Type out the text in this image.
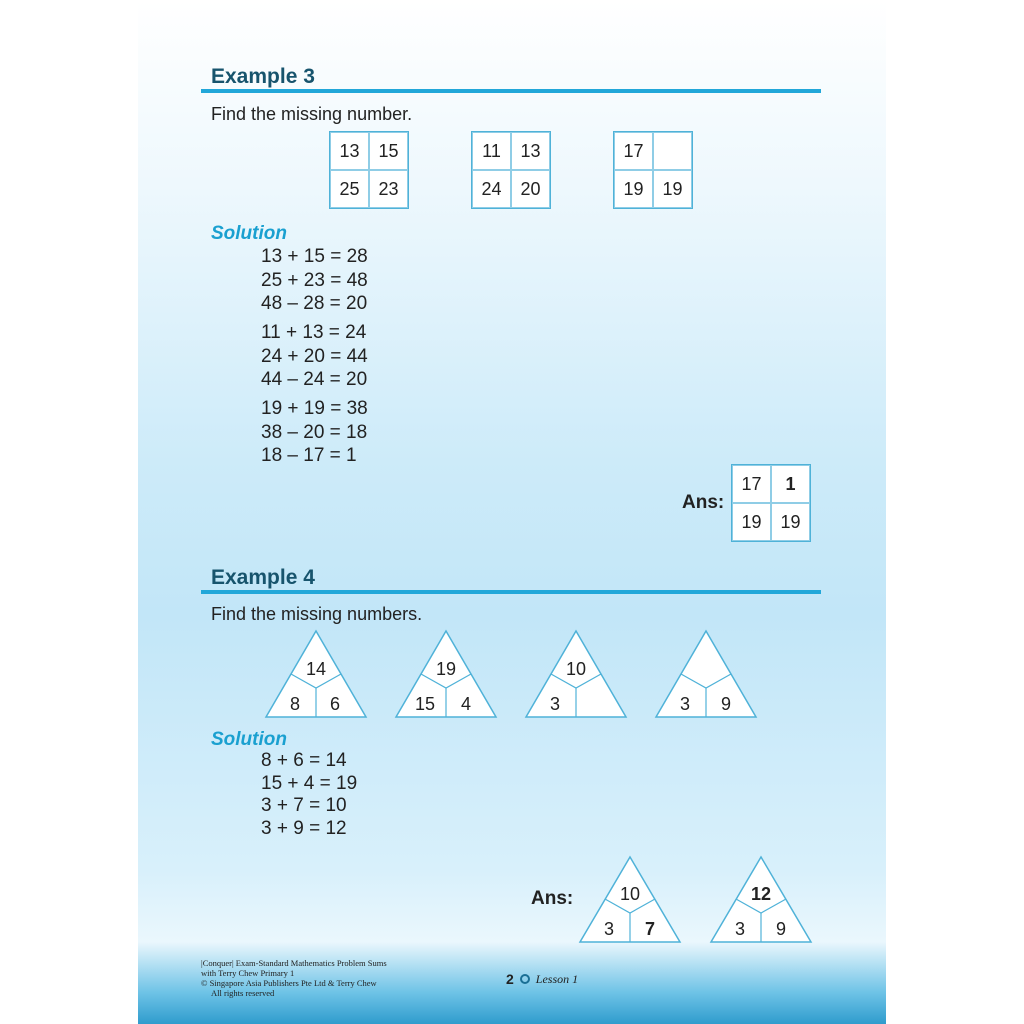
Example 3
Find the missing number.
13	15
25	23
11	13
24	20
17
19	19
Solution
13 + 15 = 28
25 + 23 = 48
48 – 28 = 20
11 + 13 = 24
24 + 20 = 44
44 – 24 = 20
19 + 19 = 38
38 – 20 = 18
18 – 17 = 1
Ans:
17	1
19	19
Example 4
Find the missing numbers.
14
8 6
19
15 4
10
3	3 9
10
3 7
12
3 9
Solution
8 + 6 = 14
15 + 4 = 19
3 + 7 = 10
3 + 9 = 12
Ans:
|Conquer| Exam-Standard Mathematics Problem Sums
with Terry Chew Primary 1
© Singapore Asia Publishers Pte Ltd & Terry Chew
All rights reserved
2 Lesson 1
